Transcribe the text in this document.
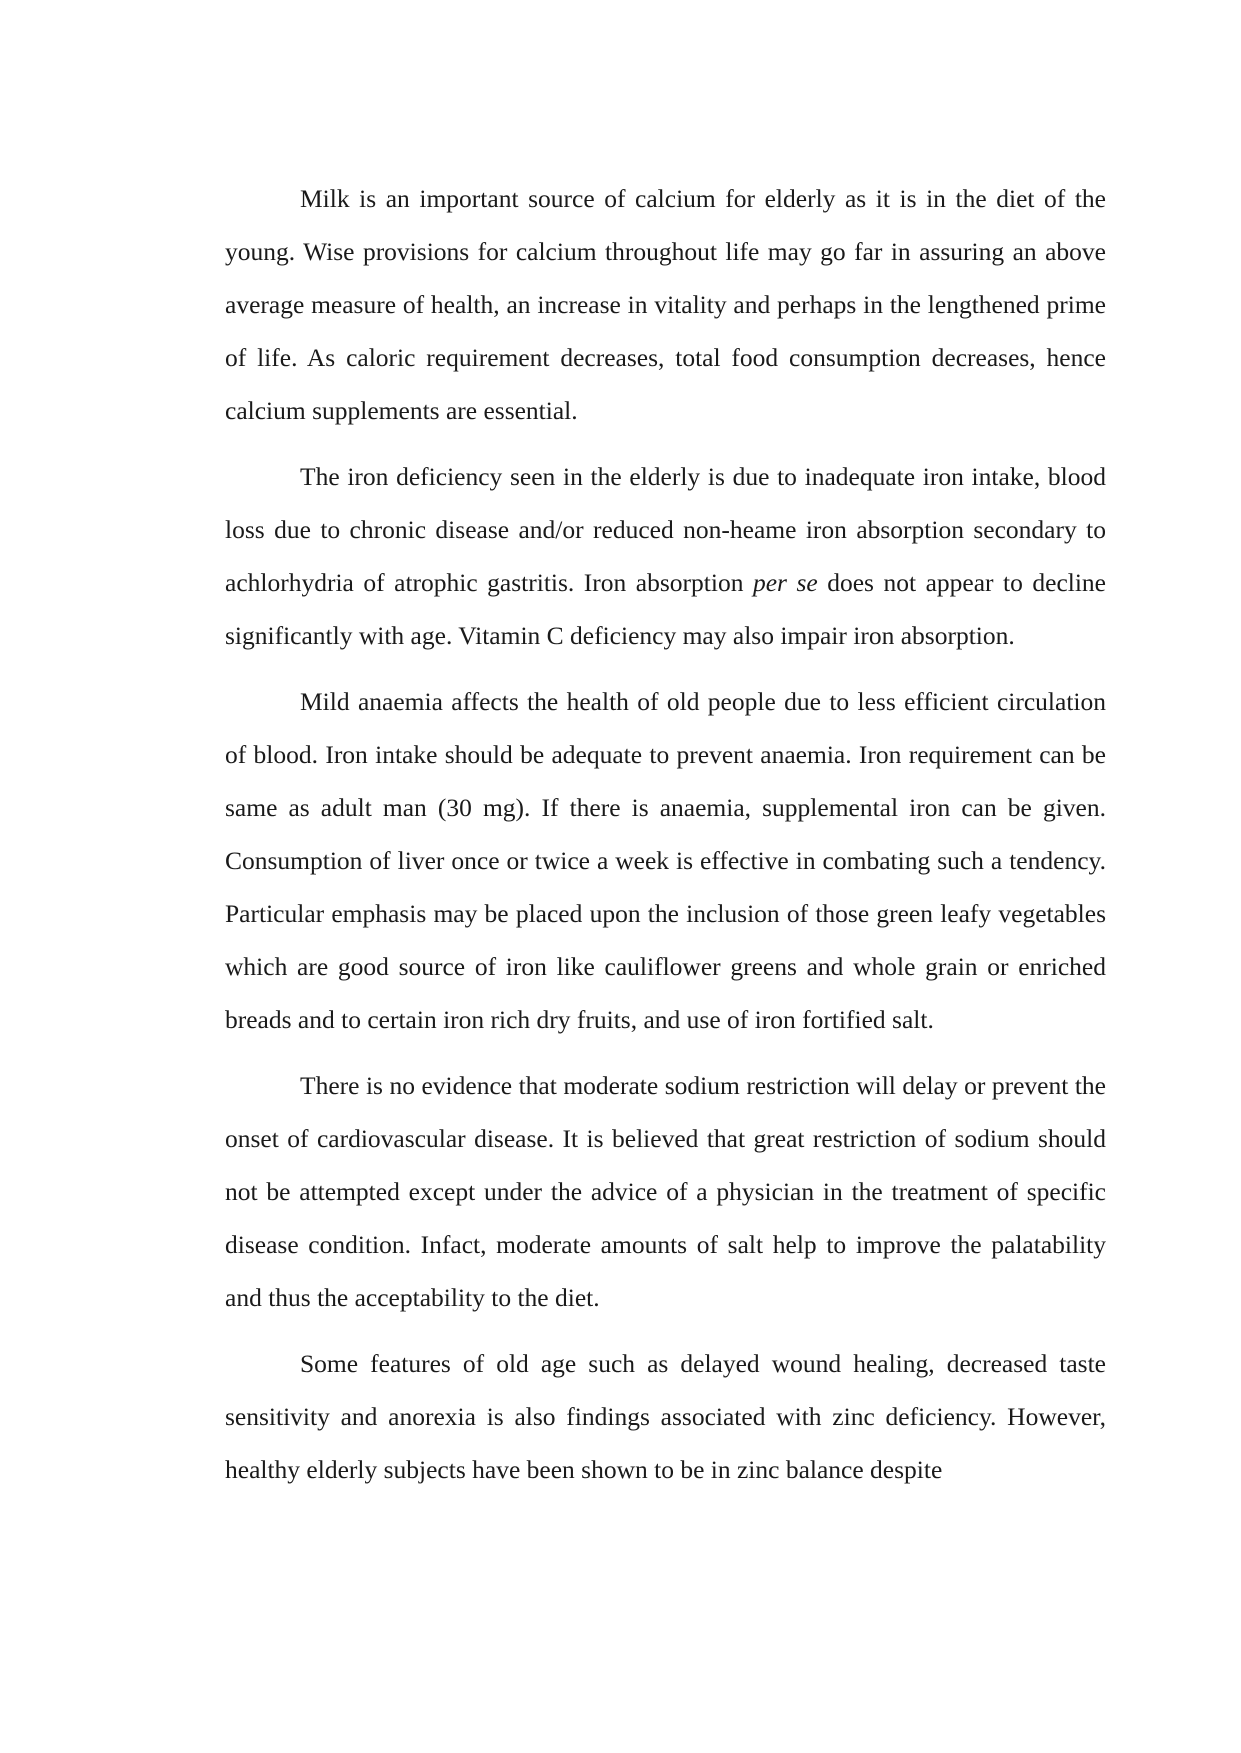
Milk is an important source of calcium for elderly as it is in the diet of the young. Wise provisions for calcium throughout life may go far in assuring an above average measure of health, an increase in vitality and perhaps in the lengthened prime of life. As caloric requirement decreases, total food consumption decreases, hence calcium supplements are essential.

The iron deficiency seen in the elderly is due to inadequate iron intake, blood loss due to chronic disease and/or reduced non-heame iron absorption secondary to achlorhydria of atrophic gastritis. Iron absorption per se does not appear to decline significantly with age. Vitamin C deficiency may also impair iron absorption.

Mild anaemia affects the health of old people due to less efficient circulation of blood. Iron intake should be adequate to prevent anaemia. Iron requirement can be same as adult man (30 mg). If there is anaemia, supplemental iron can be given. Consumption of liver once or twice a week is effective in combating such a tendency. Particular emphasis may be placed upon the inclusion of those green leafy vegetables which are good source of iron like cauliflower greens and whole grain or enriched breads and to certain iron rich dry fruits, and use of iron fortified salt.

There is no evidence that moderate sodium restriction will delay or prevent the onset of cardiovascular disease. It is believed that great restriction of sodium should not be attempted except under the advice of a physician in the treatment of specific disease condition. Infact, moderate amounts of salt help to improve the palatability and thus the acceptability to the diet.

Some features of old age such as delayed wound healing, decreased taste sensitivity and anorexia is also findings associated with zinc deficiency. However, healthy elderly subjects have been shown to be in zinc balance despite
